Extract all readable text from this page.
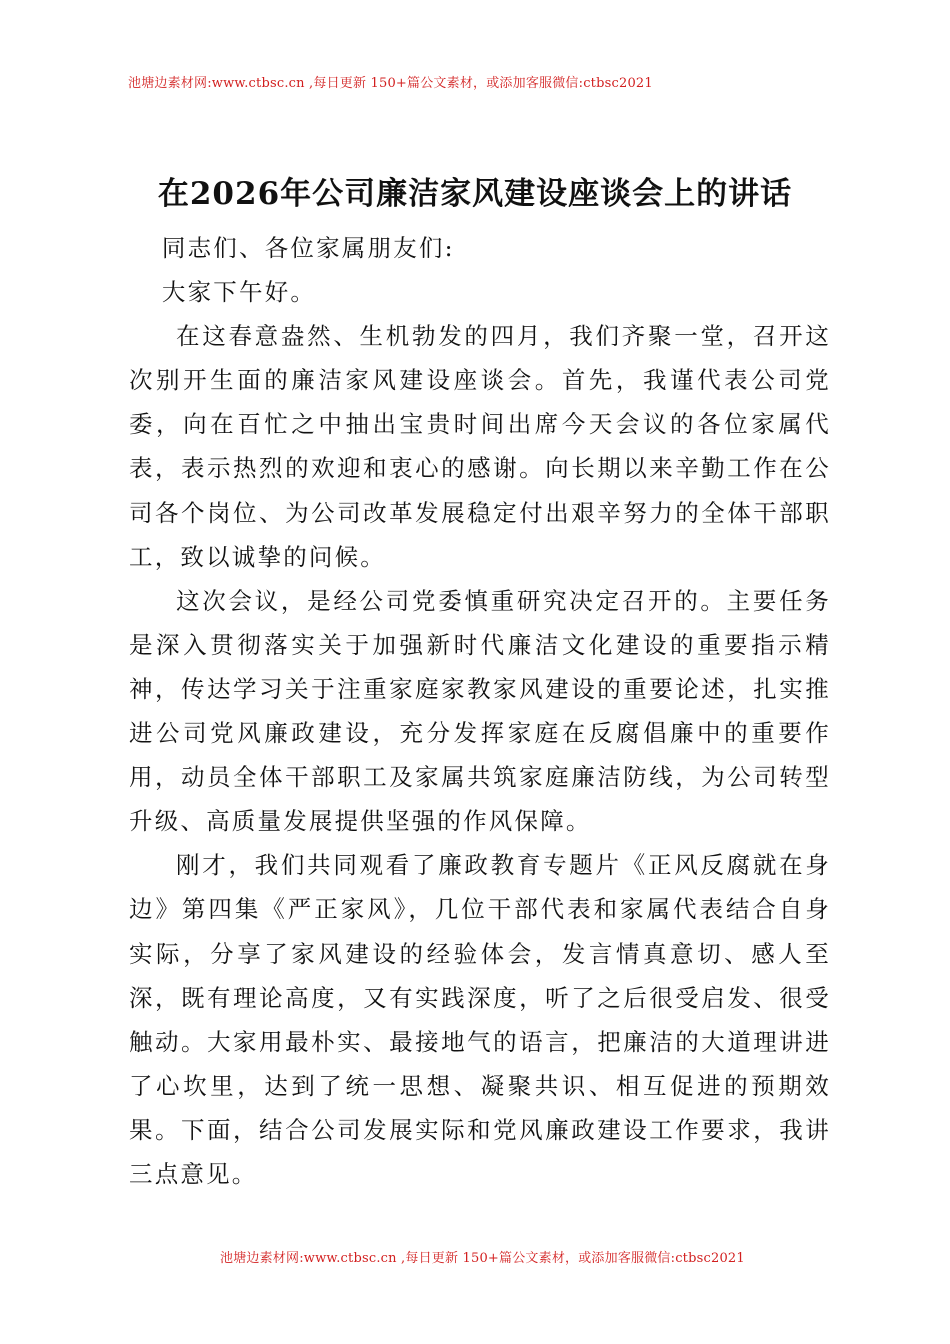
池塘边素材网:www.ctbsc.cn ,每日更新 150+篇公文素材，或添加客服微信:ctbsc2021
在2026年公司廉洁家风建设座谈会上的讲话

同志们、各位家属朋友们:

大家下午好。

在这春意盎然、生机勃发的四月，我们齐聚一堂，召开这次别开生面的廉洁家风建设座谈会。首先，我谨代表公司党委，向在百忙之中抽出宝贵时间出席今天会议的各位家属代表，表示热烈的欢迎和衷心的感谢。向长期以来辛勤工作在公司各个岗位、为公司改革发展稳定付出艰辛努力的全体干部职工，致以诚挚的问候。

这次会议，是经公司党委慎重研究决定召开的。主要任务是深入贯彻落实关于加强新时代廉洁文化建设的重要指示精神，传达学习关于注重家庭家教家风建设的重要论述，扎实推进公司党风廉政建设，充分发挥家庭在反腐倡廉中的重要作用，动员全体干部职工及家属共筑家庭廉洁防线，为公司转型升级、高质量发展提供坚强的作风保障。

刚才，我们共同观看了廉政教育专题片《正风反腐就在身边》第四集《严正家风》，几位干部代表和家属代表结合自身实际，分享了家风建设的经验体会，发言情真意切、感人至深，既有理论高度，又有实践深度，听了之后很受启发、很受触动。大家用最朴实、最接地气的语言，把廉洁的大道理讲进了心坎里，达到了统一思想、凝聚共识、相互促进的预期效果。下面，结合公司发展实际和党风廉政建设工作要求，我讲三点意见。

池塘边素材网:www.ctbsc.cn ,每日更新 150+篇公文素材，或添加客服微信:ctbsc2021
